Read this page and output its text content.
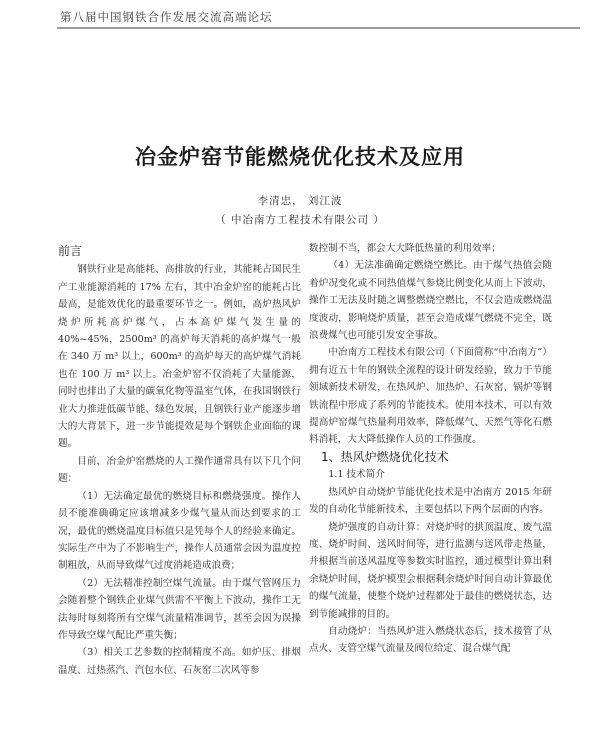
第八届中国钢铁合作发展交流高端论坛
冶金炉窑节能燃烧优化技术及应用
李清忠， 刘江波
（ 中冶南方工程技术有限公司 ）
前言

钢铁行业是高能耗、高排放的行业，其能耗占国民生产工业能源消耗的 17% 左右，其中冶金炉窑的能耗占比最高，是能效优化的最重要环节之一。例如，高炉热风炉烧炉所耗高炉煤气，占本高炉煤气发生量的 40%~45%，2500m³ 的高炉每天消耗的高炉煤气一般在 340 万 m³ 以上，600m³ 的高炉每天的高炉煤气消耗也在 100 万 m³ 以上。冶金炉窑不仅消耗了大量能源，同时也排出了大量的碳氧化物等温室气体，在我国钢铁行业大力推进低碳节能、绿色发展，且钢铁行业产能逐步增大的大背景下，进一步节能提效是每个钢铁企业面临的课题。

目前，冶金炉窑燃烧的人工操作通常具有以下几个问题：

（1）无法确定最优的燃烧目标和燃烧强度。操作人员不能准确确定应该增减多少煤气量从而达到要求的工况，最优的燃烧温度目标值只是凭每个人的经验来确定。实际生产中为了不影响生产，操作人员通常会因为温度控制粗放，从而导致煤气过度消耗造成浪费；

（2）无法精准控制空煤气流量。由于煤气管网压力会随着整个钢铁企业煤气供需不平衡上下波动，操作工无法每时每刻将所有空煤气流量精准调节，甚至会因为误操作导致空煤气配比严重失衡；

（3）相关工艺参数的控制精度不高。如炉压、排烟温度、过热蒸汽、汽包水位、石灰窑二次风等参

数控制不当，都会大大降低热量的利用效率；

（4）无法准确确定燃烧空燃比。由于煤气热值会随着炉况变化或不同热值煤气参烧比例变化从而上下波动，操作工无法及时随之调整燃烧空燃比，不仅会造成燃烧温度波动，影响烧炉质量，甚至会造成煤气燃烧不完全，既浪费煤气也可能引发安全事故。

中冶南方工程技术有限公司（下面简称“中冶南方”）拥有近五十年的钢铁全流程的设计研发经验，致力于节能领域新技术研发，在热风炉、加热炉、石灰窑、锅炉等钢铁流程中形成了系列的节能技术。使用本技术，可以有效提高炉窑煤气热量利用效率，降低煤气、天然气等化石燃料消耗，大大降低操作人员的工作强度。

1、热风炉燃烧优化技术
1.1 技术简介

热风炉自动烧炉节能优化技术是中冶南方 2015 年研发的自动化节能新技术，主要包括以下两个层面的内容。

烧炉强度的自动计算：对烧炉时的拱顶温度、废气温度、烧炉时间、送风时间等，进行监测与送风带走热量，并根据当前送风温度等参数实时监控，通过模型计算出剩余烧炉时间，烧炉模型会根据剩余烧炉时间自动计算最优的煤气流量，使整个烧炉过程都处于最佳的燃烧状态，达到节能减排的目的。

自动烧炉：当热风炉进入燃烧状态后，技术接管了从点火、支管空煤气流量及阀位给定、混合煤气配
